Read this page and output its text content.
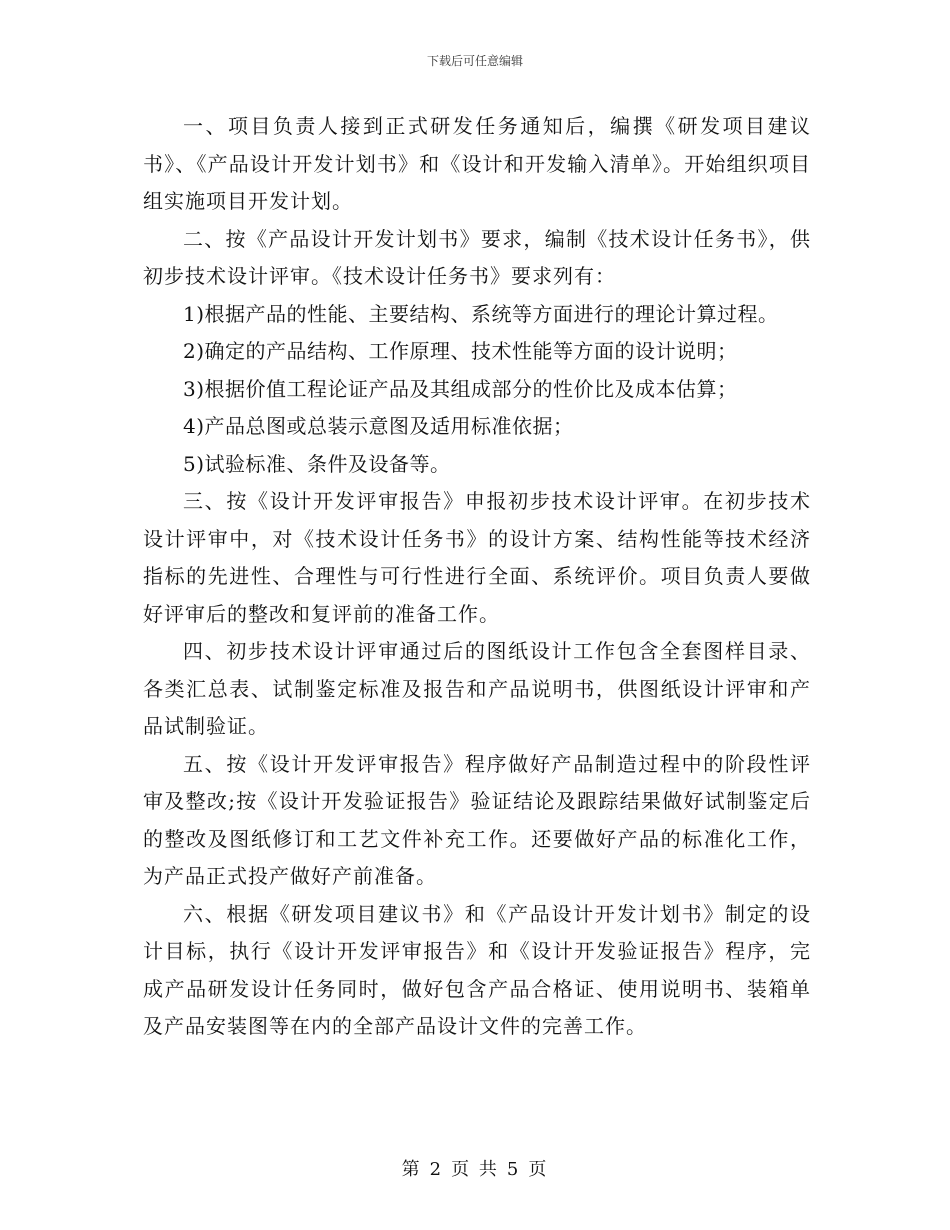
下载后可任意编辑

一、项目负责人接到正式研发任务通知后，编撰《研发项目建议书》、《产品设计开发计划书》和《设计和开发输入清单》。开始组织项目组实施项目开发计划。

二、按《产品设计开发计划书》要求，编制《技术设计任务书》，供初步技术设计评审。《技术设计任务书》要求列有：

1)根据产品的性能、主要结构、系统等方面进行的理论计算过程。

2)确定的产品结构、工作原理、技术性能等方面的设计说明；

3)根据价值工程论证产品及其组成部分的性价比及成本估算；

4)产品总图或总装示意图及适用标准依据；

5)试验标准、条件及设备等。

三、按《设计开发评审报告》申报初步技术设计评审。在初步技术设计评审中，对《技术设计任务书》的设计方案、结构性能等技术经济指标的先进性、合理性与可行性进行全面、系统评价。项目负责人要做好评审后的整改和复评前的准备工作。

四、初步技术设计评审通过后的图纸设计工作包含全套图样目录、各类汇总表、试制鉴定标准及报告和产品说明书，供图纸设计评审和产品试制验证。

五、按《设计开发评审报告》程序做好产品制造过程中的阶段性评审及整改;按《设计开发验证报告》验证结论及跟踪结果做好试制鉴定后的整改及图纸修订和工艺文件补充工作。还要做好产品的标准化工作，为产品正式投产做好产前准备。

六、根据《研发项目建议书》和《产品设计开发计划书》制定的设计目标，执行《设计开发评审报告》和《设计开发验证报告》程序，完成产品研发设计任务同时，做好包含产品合格证、使用说明书、装箱单及产品安装图等在内的全部产品设计文件的完善工作。

第 2 页 共 5 页
